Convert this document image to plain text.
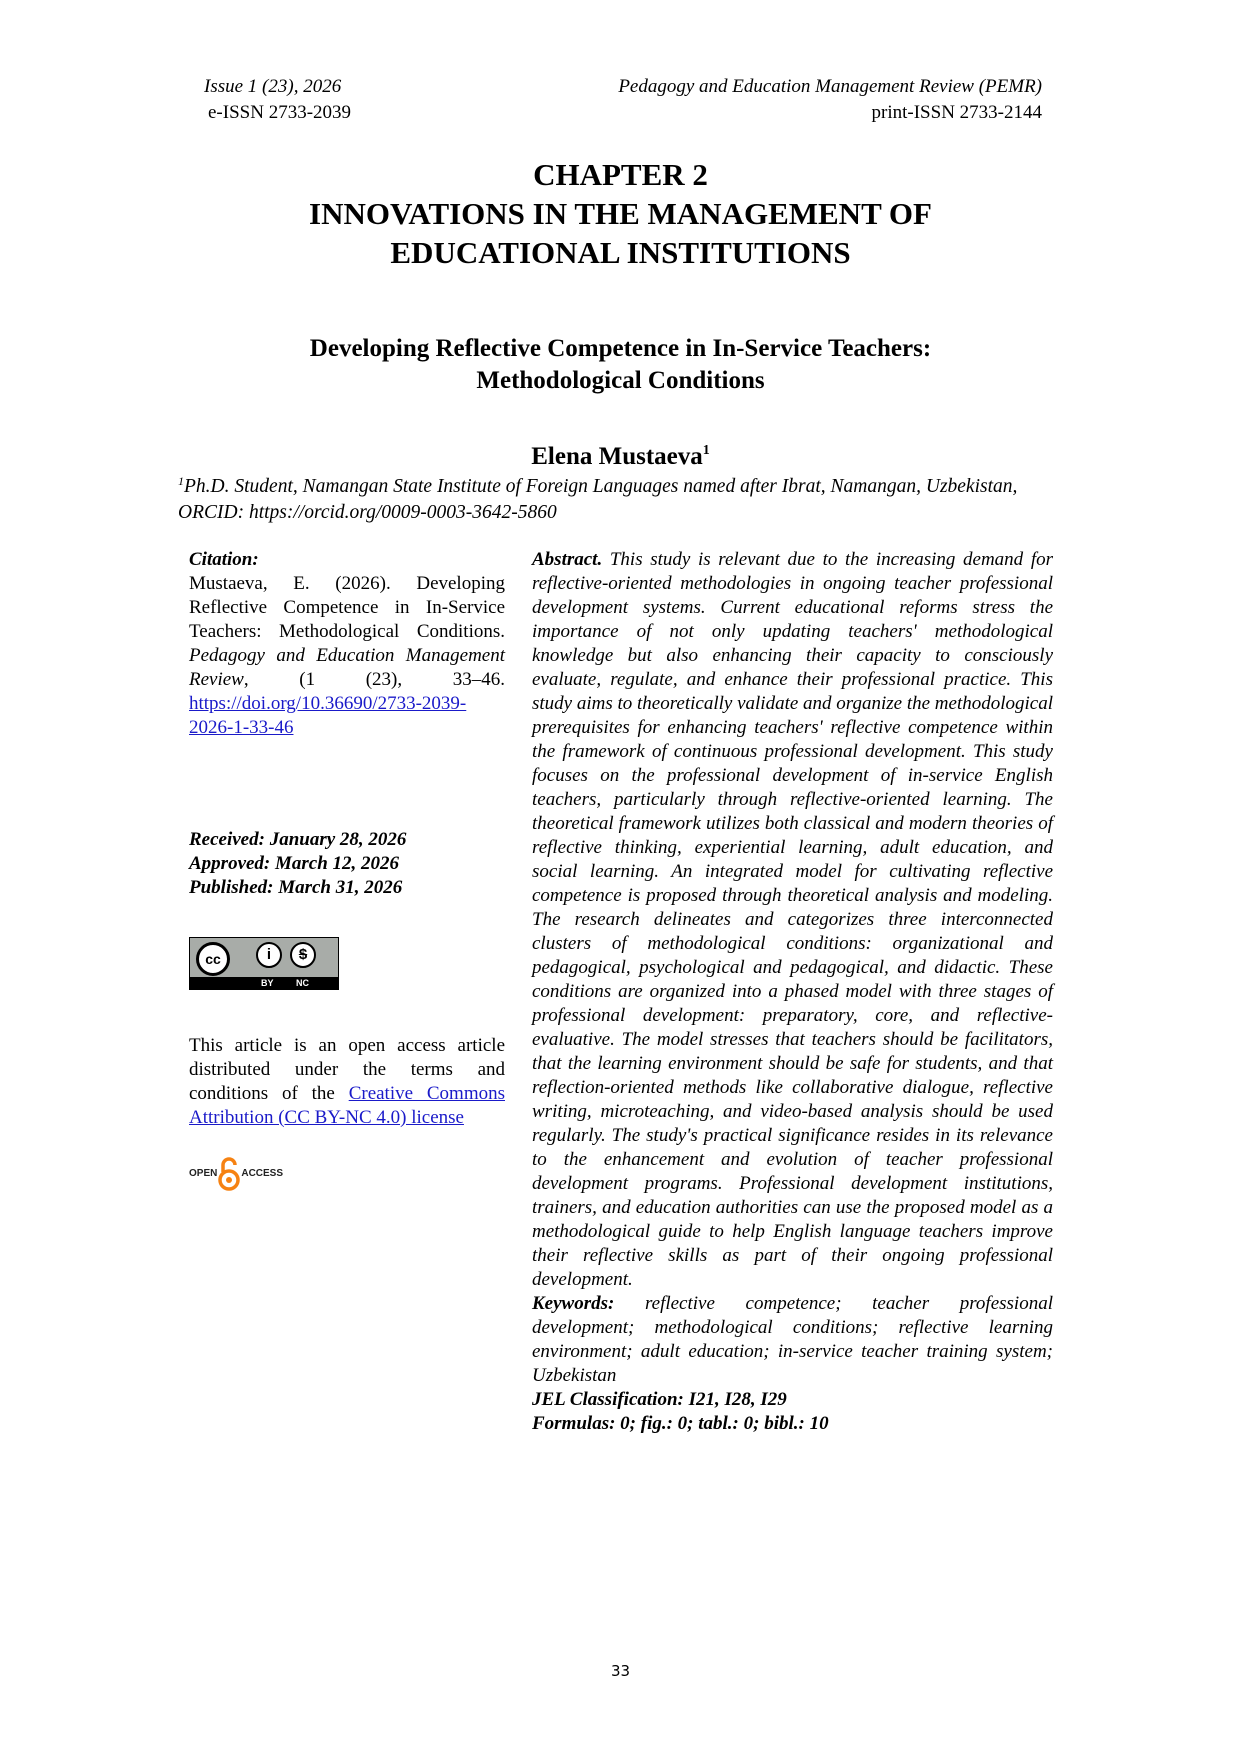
Issue 1 (23), 2026
e-ISSN 2733-2039
Pedagogy and Education Management Review (PEMR)
print-ISSN 2733-2144
CHAPTER 2
INNOVATIONS IN THE MANAGEMENT OF
EDUCATIONAL INSTITUTIONS
Developing Reflective Competence in In-Service Teachers:
Methodological Conditions
Elena Mustaeva$^1$
$^1$Ph.D. Student, Namangan State Institute of Foreign Languages named after Ibrat, Namangan, Uzbekistan, ORCID: https://orcid.org/0009-0003-3642-5860
Citation:
Mustaeva, E. (2026). Developing Reflective Competence in In-Service Teachers: Methodological Conditions. Pedagogy and Education Management Review, (1 (23), 33–46. https://doi.org/10.36690/2733-2039-2026-1-33-46
Received: January 28, 2026
Approved: March 12, 2026
Published: March 31, 2026
cc	i	$
BY NC
This article is an open access article distributed under the terms and conditions of the Creative Commons Attribution (CC BY-NC 4.0) license
OPEN ACCESS

Abstract. This study is relevant due to the increasing demand for reflective-oriented methodologies in ongoing teacher professional development systems. Current educational reforms stress the importance of not only updating teachers' methodological knowledge but also enhancing their capacity to consciously evaluate, regulate, and enhance their professional practice. This study aims to theoretically validate and organize the methodological prerequisites for enhancing teachers' reflective competence within the framework of continuous professional development. This study focuses on the professional development of in-service English teachers, particularly through reflective-oriented learning. The theoretical framework utilizes both classical and modern theories of reflective thinking, experiential learning, adult education, and social learning. An integrated model for cultivating reflective competence is proposed through theoretical analysis and modeling. The research delineates and categorizes three interconnected clusters of methodological conditions: organizational and pedagogical, psychological and pedagogical, and didactic. These conditions are organized into a phased model with three stages of professional development: preparatory, core, and reflective-evaluative. The model stresses that teachers should be facilitators, that the learning environment should be safe for students, and that reflection-oriented methods like collaborative dialogue, reflective writing, microteaching, and video-based analysis should be used regularly. The study's practical significance resides in its relevance to the enhancement and evolution of teacher professional development programs. Professional development institutions, trainers, and education authorities can use the proposed model as a methodological guide to help English language teachers improve their reflective skills as part of their ongoing professional development.

Keywords: reflective competence; teacher professional development; methodological conditions; reflective learning environment; adult education; in-service teacher training system; Uzbekistan

JEL Classification: I21, I28, I29

Formulas: 0; fig.: 0; tabl.: 0; bibl.: 10

33
